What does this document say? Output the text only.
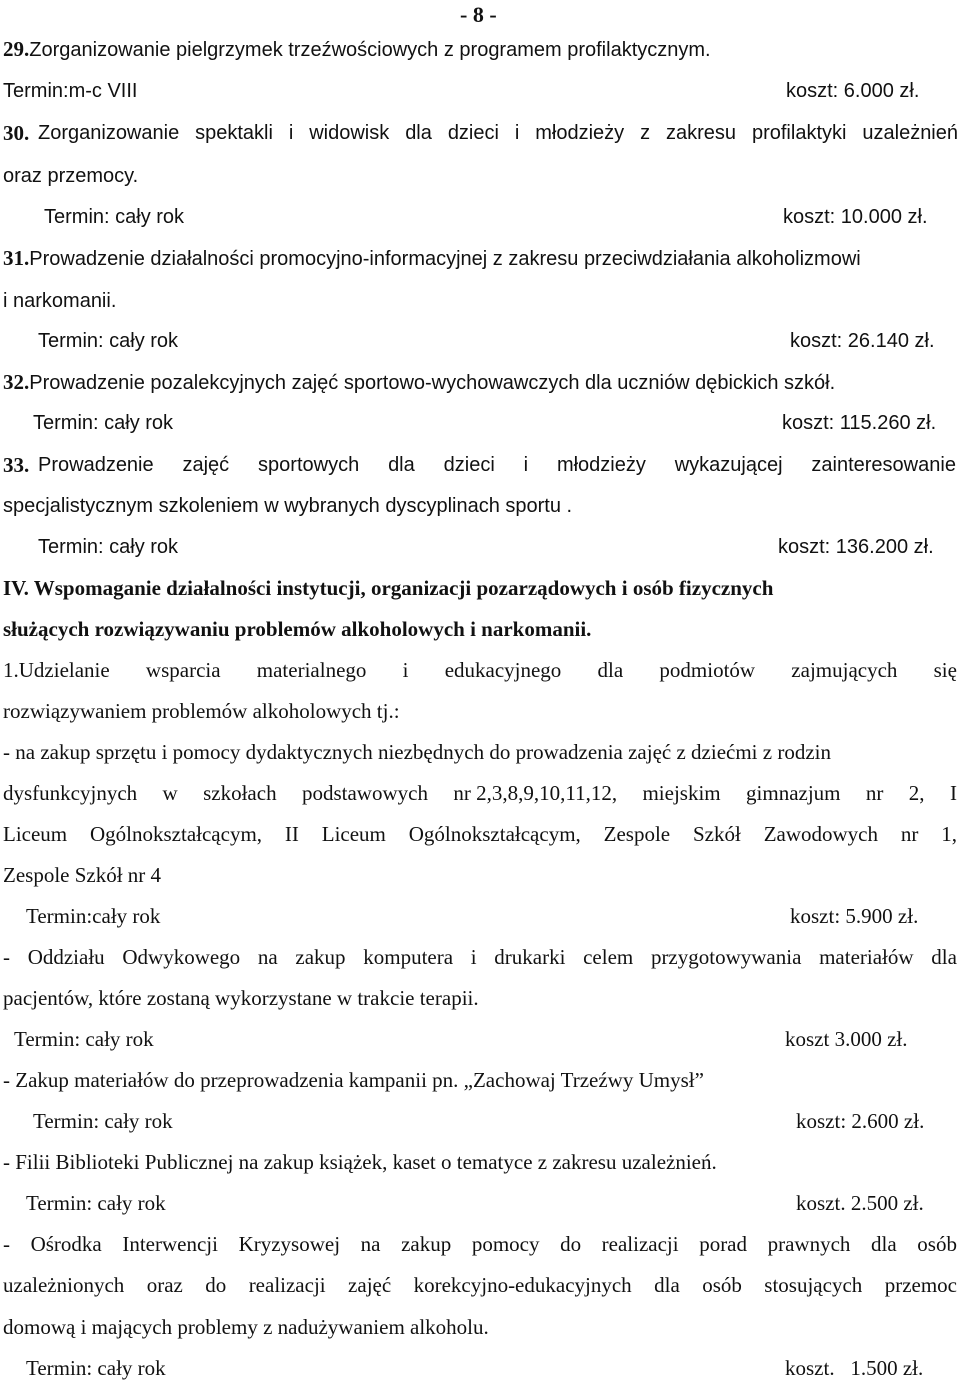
- 8 -
29.Zorganizowanie pielgrzymek trzeźwościowych z programem profilaktycznym.
Termin:m-c VIII	koszt: 6.000 zł.
30. Zorganizowanie spektakli i widowisk dla dzieci i młodzieży z zakresu profilaktyki uzależnień
oraz przemocy.
Termin: cały rok	koszt: 10.000 zł.
31.Prowadzenie działalności promocyjno-informacyjnej z zakresu przeciwdziałania alkoholizmowi
i narkomanii.
Termin: cały rok	koszt: 26.140 zł.
32.Prowadzenie pozalekcyjnych zajęć sportowo-wychowawczych dla uczniów dębickich szkół.
Termin: cały rok	koszt: 115.260 zł.
33. Prowadzenie zajęć sportowych dla dzieci i młodzieży wykazującej zainteresowanie
specjalistycznym szkoleniem w wybranych dyscyplinach sportu .
Termin: cały rok	koszt: 136.200 zł.
IV. Wspomaganie działalności instytucji, organizacji pozarządowych i osób fizycznych
służących rozwiązywaniu problemów alkoholowych i narkomanii.
1.Udzielanie wsparcia materialnego i edukacyjnego dla podmiotów zajmujących się
rozwiązywaniem problemów alkoholowych tj.:
- na zakup sprzętu i pomocy dydaktycznych niezbędnych do prowadzenia zajęć z dziećmi z rodzin
dysfunkcyjnych w szkołach podstawowych nr 2,3,8,9,10,11,12, miejskim gimnazjum nr 2, I
Liceum Ogólnokształcącym, II Liceum Ogólnokształcącym, Zespole Szkół Zawodowych nr 1,
Zespole Szkół nr 4
Termin:cały rok	koszt: 5.900 zł.
- Oddziału Odwykowego na zakup komputera i drukarki celem przygotowywania materiałów dla
pacjentów, które zostaną wykorzystane w trakcie terapii.
Termin: cały rok	koszt 3.000 zł.
- Zakup materiałów do przeprowadzenia kampanii pn. „Zachowaj Trzeźwy Umysł”
Termin: cały rok	koszt: 2.600 zł.
- Filii Biblioteki Publicznej na zakup książek, kaset o tematyce z zakresu uzależnień.
Termin: cały rok	koszt. 2.500 zł.
- Ośrodka Interwencji Kryzysowej na zakup pomocy do realizacji porad prawnych dla osób
uzależnionych oraz do realizacji zajęć korekcyjno-edukacyjnych dla osób stosujących przemoc
domową i mających problemy z nadużywaniem alkoholu.
Termin: cały rok	koszt.   1.500 zł.
